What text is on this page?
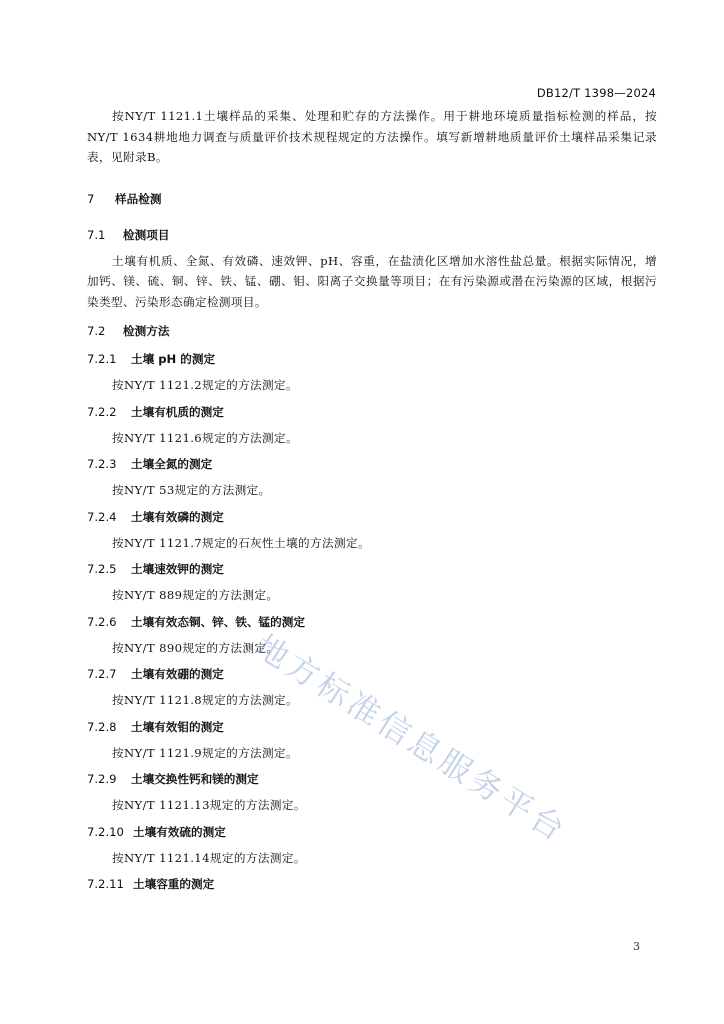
DB12/T 1398—2024

按NY/T 1121.1土壤样品的采集、处理和贮存的方法操作。用于耕地环境质量指标检测的样品，按NY/T 1634耕地地力调查与质量评价技术规程规定的方法操作。填写新增耕地质量评价土壤样品采集记录表，见附录B。

7 样品检测
7.1 检测项目

土壤有机质、全氮、有效磷、速效钾、pH、容重，在盐渍化区增加水溶性盐总量。根据实际情况，增加钙、镁、硫、铜、锌、铁、锰、硼、钼、阳离子交换量等项目；在有污染源或潜在污染源的区域，根据污染类型、污染形态确定检测项目。

7.2 检测方法
7.2.1 土壤 pH 的测定

按NY/T 1121.2规定的方法测定。

7.2.2 土壤有机质的测定

按NY/T 1121.6规定的方法测定。

7.2.3 土壤全氮的测定

按NY/T 53规定的方法测定。

7.2.4 土壤有效磷的测定

按NY/T 1121.7规定的石灰性土壤的方法测定。

7.2.5 土壤速效钾的测定

按NY/T 889规定的方法测定。

7.2.6 土壤有效态铜、锌、铁、锰的测定

按NY/T 890规定的方法测定。

7.2.7 土壤有效硼的测定

按NY/T 1121.8规定的方法测定。

7.2.8 土壤有效钼的测定

按NY/T 1121.9规定的方法测定。

7.2.9 土壤交换性钙和镁的测定

按NY/T 1121.13规定的方法测定。

7.2.10 土壤有效硫的测定

按NY/T 1121.14规定的方法测定。

7.2.11 土壤容重的测定
地方标准信息服务平台
3
